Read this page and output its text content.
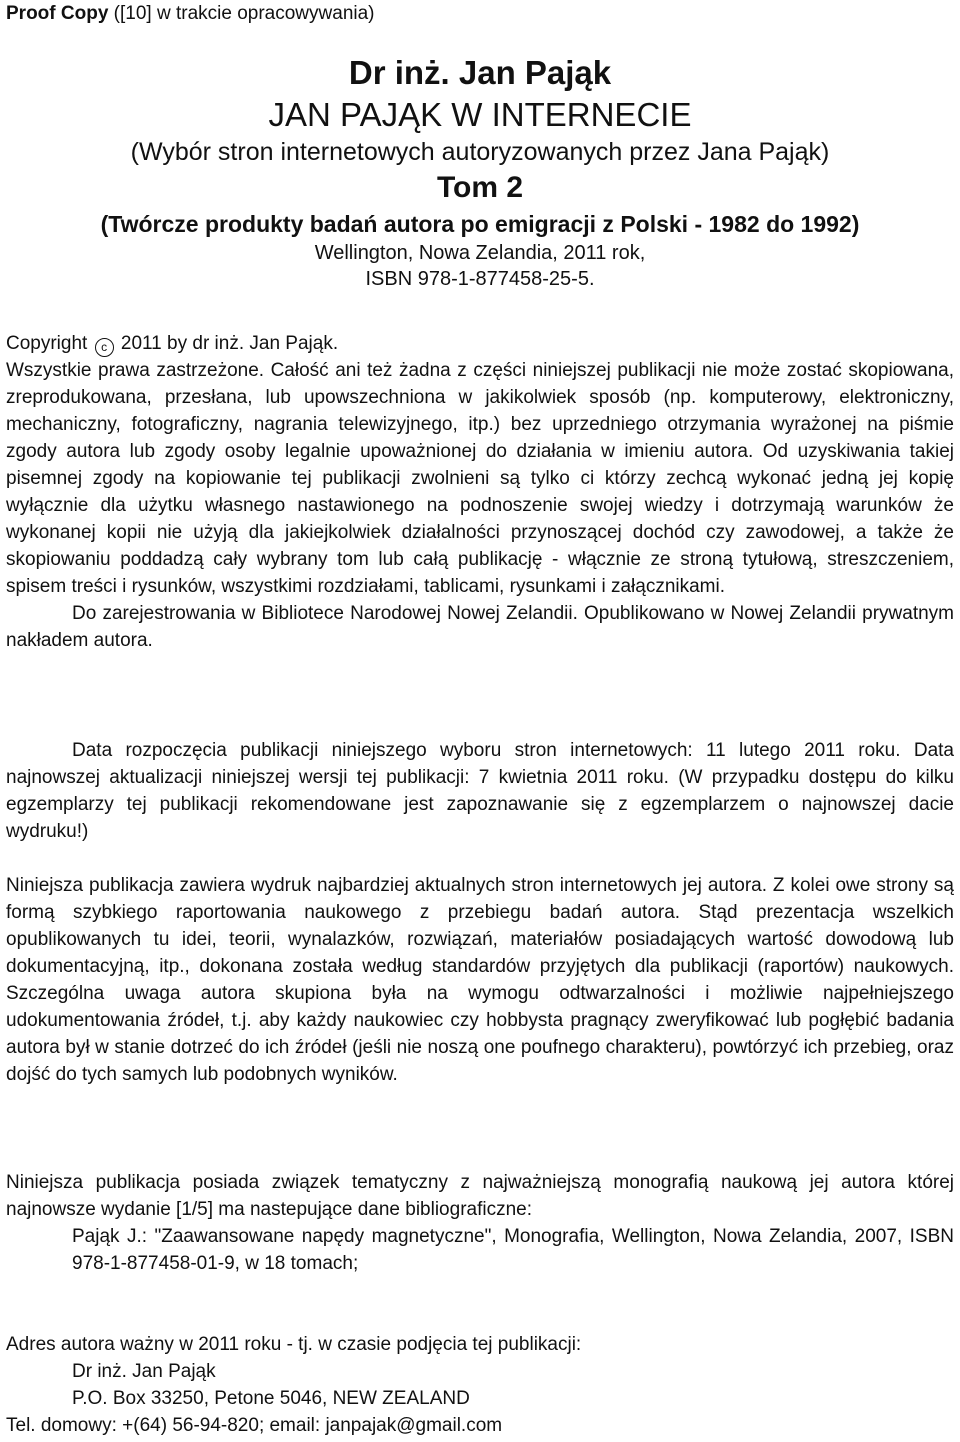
Proof Copy ([10] w trakcie opracowywania)
Dr inż. Jan Pająk
JAN PAJĄK W INTERNECIE
(Wybór stron internetowych autoryzowanych przez Jana Pająk)
Tom 2
(Twórcze produkty badań autora po emigracji z Polski - 1982 do 1992)
Wellington, Nowa Zelandia, 2011 rok,
ISBN 978-1-877458-25-5.

Copyright c 2011 by dr inż. Jan Pająk.

Wszystkie prawa zastrzeżone. Całość ani też żadna z części niniejszej publikacji nie może zostać skopiowana, zreprodukowana, przesłana, lub upowszechniona w jakikolwiek sposób (np. komputerowy, elektroniczny, mechaniczny, fotograficzny, nagrania telewizyjnego, itp.) bez uprzedniego otrzymania wyrażonej na piśmie zgody autora lub zgody osoby legalnie upoważnionej do działania w imieniu autora. Od uzyskiwania takiej pisemnej zgody na kopiowanie tej publikacji zwolnieni są tylko ci którzy zechcą wykonać jedną jej kopię wyłącznie dla użytku własnego nastawionego na podnoszenie swojej wiedzy i dotrzymają warunków że wykonanej kopii nie użyją dla jakiejkolwiek działalności przynoszącej dochód czy zawodowej, a także że skopiowaniu poddadzą cały wybrany tom lub całą publikację - włącznie ze stroną tytułową, streszczeniem, spisem treści i rysunków, wszystkimi rozdziałami, tablicami, rysunkami i załącznikami.

Do zarejestrowania w Bibliotece Narodowej Nowej Zelandii. Opublikowano w Nowej Zelandii prywatnym nakładem autora.

Data rozpoczęcia publikacji niniejszego wyboru stron internetowych: 11 lutego 2011 roku. Data najnowszej aktualizacji niniejszej wersji tej publikacji: 7 kwietnia 2011 roku. (W przypadku dostępu do kilku egzemplarzy tej publikacji rekomendowane jest zapoznawanie się z egzemplarzem o najnowszej dacie wydruku!)

Niniejsza publikacja zawiera wydruk najbardziej aktualnych stron internetowych jej autora. Z kolei owe strony są formą szybkiego raportowania naukowego z przebiegu badań autora. Stąd prezentacja wszelkich opublikowanych tu idei, teorii, wynalazków, rozwiązań, materiałów posiadających wartość dowodową lub dokumentacyjną, itp., dokonana została według standardów przyjętych dla publikacji (raportów) naukowych. Szczególna uwaga autora skupiona była na wymogu odtwarzalności i możliwie najpełniejszego udokumentowania źródeł, t.j. aby każdy naukowiec czy hobbysta pragnący zweryfikować lub pogłębić badania autora był w stanie dotrzeć do ich źródeł (jeśli nie noszą one poufnego charakteru), powtórzyć ich przebieg, oraz dojść do tych samych lub podobnych wyników.

Niniejsza publikacja posiada związek tematyczny z najważniejszą monografią naukową jej autora której najnowsze wydanie [1/5] ma nastepujące dane bibliograficzne:

Pająk J.: "Zaawansowane napędy magnetyczne", Monografia, Wellington, Nowa Zelandia, 2007, ISBN 978-1-877458-01-9, w 18 tomach;

Adres autora ważny w 2011 roku - tj. w czasie podjęcia tej publikacji:

Dr inż. Jan Pająk

P.O. Box 33250, Petone 5046, NEW ZEALAND

Tel. domowy: +(64) 56-94-820; email: janpajak@gmail.com
